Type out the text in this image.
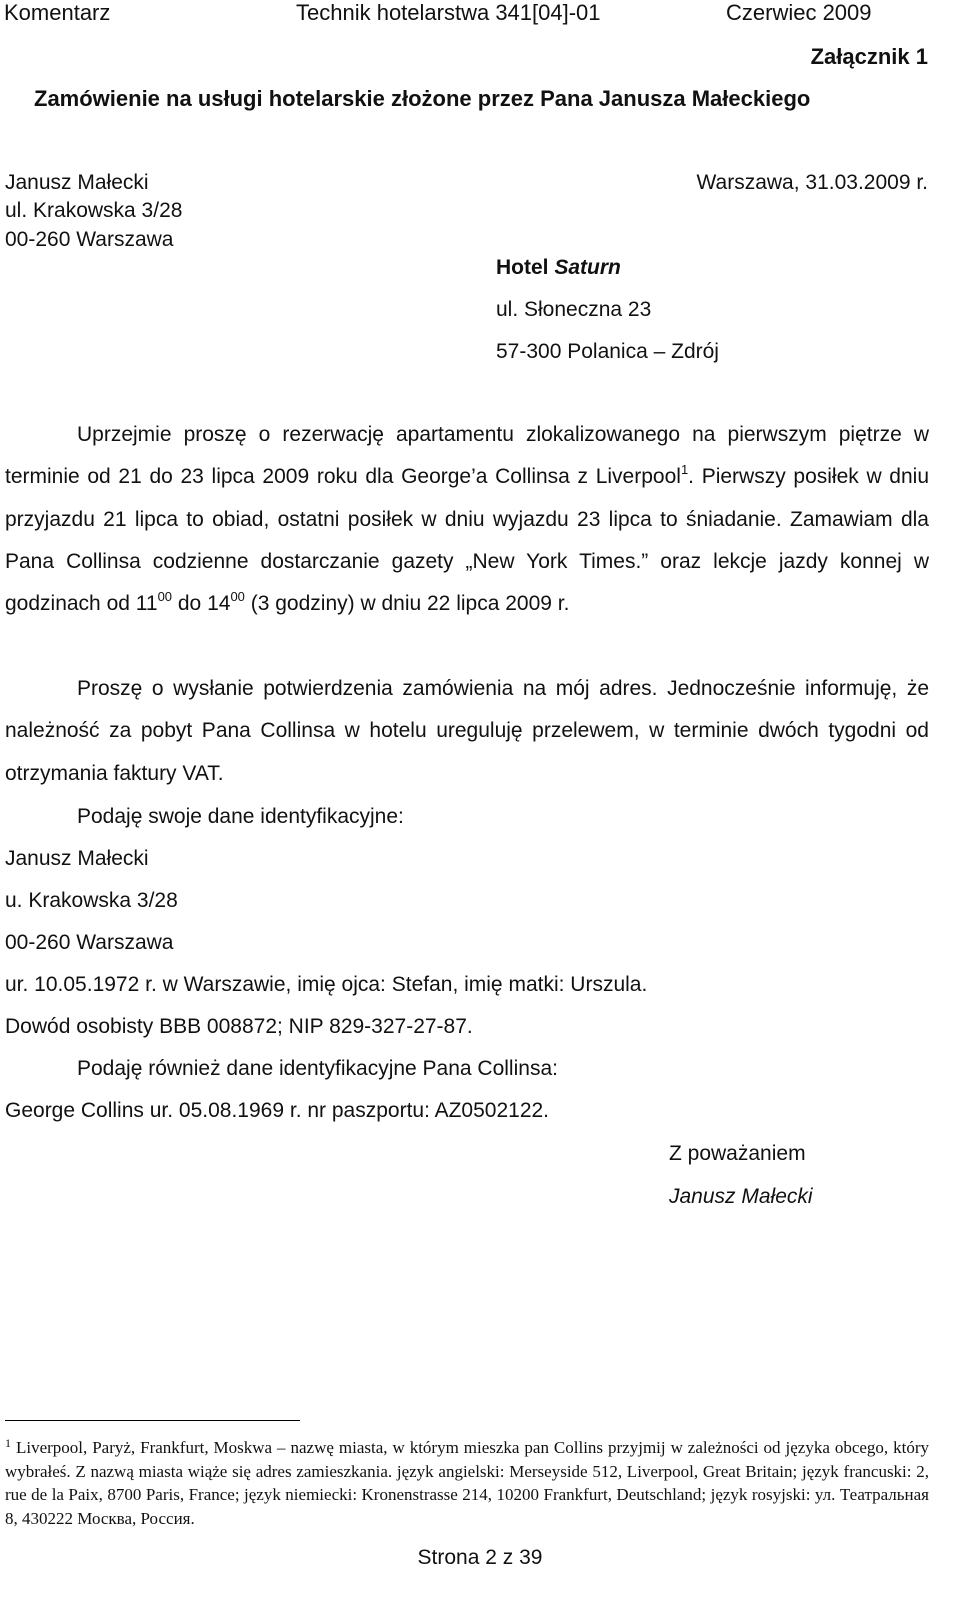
Komentarz	Technik hotelarstwa 341[04]-01	Czerwiec 2009
Załącznik 1
Zamówienie na usługi hotelarskie złożone przez Pana Janusza Małeckiego
Janusz Małecki
ul. Krakowska 3/28
00-260 Warszawa
Warszawa, 31.03.2009 r.
Hotel Saturn
ul. Słoneczna 23
57-300 Polanica – Zdrój
Uprzejmie proszę o rezerwację apartamentu zlokalizowanego na pierwszym piętrze w terminie od 21 do 23 lipca 2009 roku dla George’a Collinsa z Liverpool$^1$. Pierwszy posiłek w dniu przyjazdu 21 lipca to obiad, ostatni posiłek w dniu wyjazdu 23 lipca to śniadanie. Zamawiam dla Pana Collinsa codzienne dostarczanie gazety „New York Times.” oraz lekcje jazdy konnej w godzinach od $11^{00}$ do $14^{00}$ (3 godziny) w dniu 22 lipca 2009 r.
Proszę o wysłanie potwierdzenia zamówienia na mój adres. Jednocześnie informuję, że należność za pobyt Pana Collinsa w hotelu ureguluję przelewem, w terminie dwóch tygodni od otrzymania faktury VAT.
Podaję swoje dane identyfikacyjne:
Janusz Małecki
u. Krakowska 3/28
00-260 Warszawa
ur. 10.05.1972 r. w Warszawie, imię ojca: Stefan, imię matki: Urszula.
Dowód osobisty BBB 008872; NIP 829-327-27-87.
Podaję również dane identyfikacyjne Pana Collinsa:
George Collins ur. 05.08.1969 r. nr paszportu: AZ0502122.
Z poważaniem
Janusz Małecki
$^1$ Liverpool, Paryż, Frankfurt, Moskwa – nazwę miasta, w którym mieszka pan Collins przyjmij w zależności od języka obcego, który wybrałeś. Z nazwą miasta wiąże się adres zamieszkania. język angielski: Merseyside 512, Liverpool, Great Britain; język francuski: 2, rue de la Paix, 8700 Paris, France; język niemiecki: Kronenstrasse 214, 10200 Frankfurt, Deutschland; język rosyjski: ул. Театральная 8, 430222 Москва, Россия.
Strona 2 z 39
